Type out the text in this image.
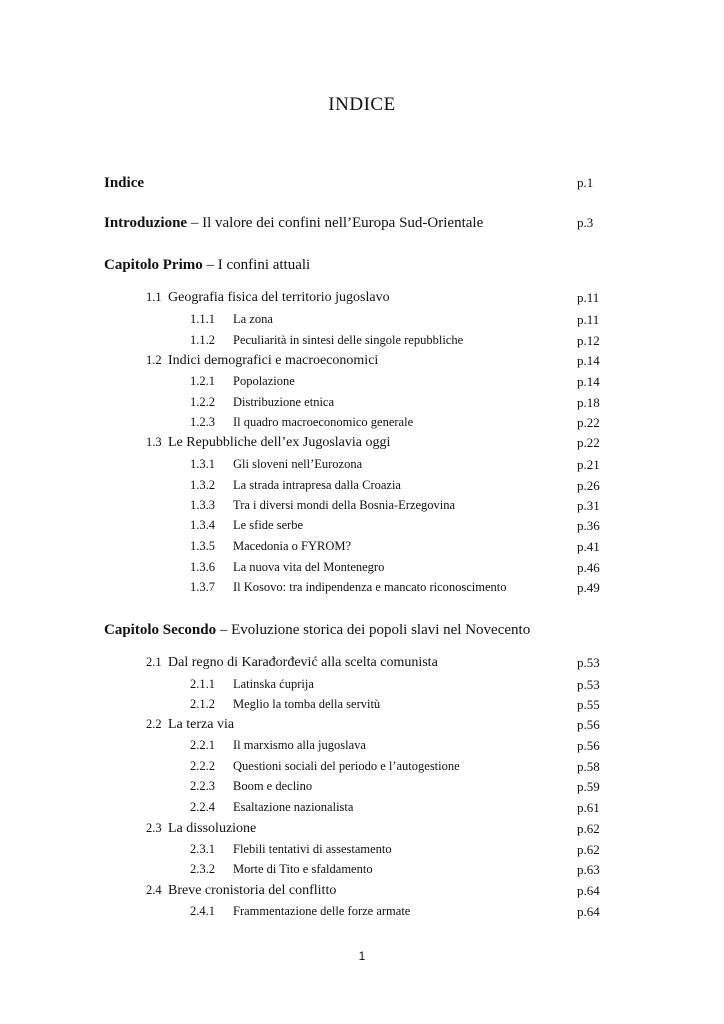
INDICE
Indice	p.1
Introduzione – Il valore dei confini nell’Europa Sud-Orientale	p.3
Capitolo Primo – I confini attuali
1.1 Geografia fisica del territorio jugoslavo	p.11
1.1.1 La zona	p.11
1.1.2 Peculiarità in sintesi delle singole repubbliche	p.12
1.2 Indici demografici e macroeconomici	p.14
1.2.1 Popolazione	p.14
1.2.2 Distribuzione etnica	p.18
1.2.3 Il quadro macroeconomico generale	p.22
1.3 Le Repubbliche dell’ex Jugoslavia oggi	p.22
1.3.1 Gli sloveni nell’Eurozona	p.21
1.3.2 La strada intrapresa dalla Croazia	p.26
1.3.3 Tra i diversi mondi della Bosnia-Erzegovina	p.31
1.3.4 Le sfide serbe	p.36
1.3.5 Macedonia o FYROM?	p.41
1.3.6 La nuova vita del Montenegro	p.46
1.3.7 Il Kosovo: tra indipendenza e mancato riconoscimento	p.49
Capitolo Secondo – Evoluzione storica dei popoli slavi nel Novecento
2.1 Dal regno di Karađorđević alla scelta comunista	p.53
2.1.1 Latinska ćuprija	p.53
2.1.2 Meglio la tomba della servitù	p.55
2.2 La terza via	p.56
2.2.1 Il marxismo alla jugoslava	p.56
2.2.2 Questioni sociali del periodo e l’autogestione	p.58
2.2.3 Boom e declino	p.59
2.2.4 Esaltazione nazionalista	p.61
2.3 La dissoluzione	p.62
2.3.1 Flebili tentativi di assestamento	p.62
2.3.2 Morte di Tito e sfaldamento	p.63
2.4 Breve cronistoria del conflitto	p.64
2.4.1 Frammentazione delle forze armate	p.64
1
